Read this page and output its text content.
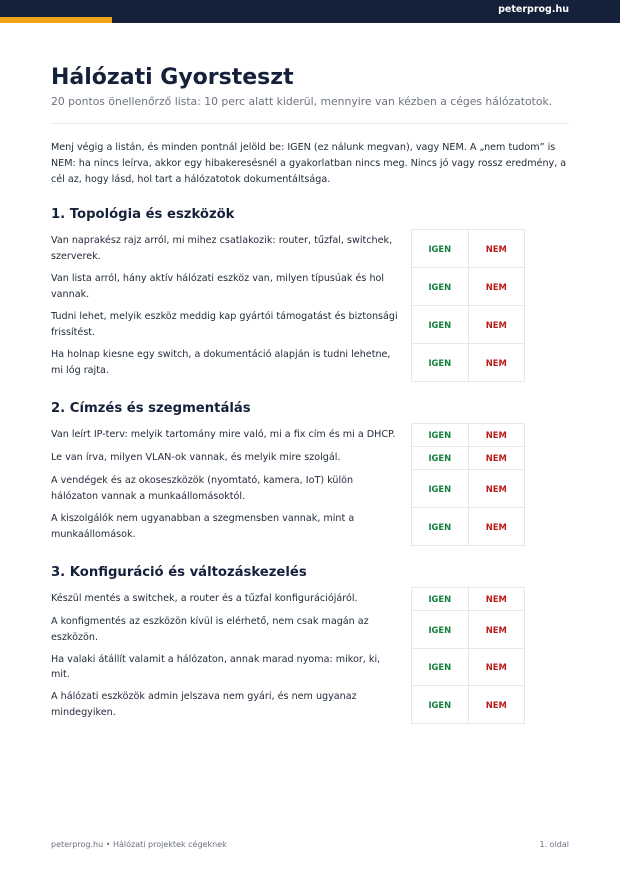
peterprog.hu
Hálózati Gyorsteszt

20 pontos önellenőrző lista: 10 perc alatt kiderül, mennyire van kézben a céges hálózatotok.

Menj végig a listán, és minden pontnál jelöld be: IGEN (ez nálunk megvan), vagy NEM. A „nem tudom” is NEM: ha nincs leírva, akkor egy hibakeresésnél a gyakorlatban nincs meg. Nincs jó vagy rossz eredmény, a cél az, hogy lásd, hol tart a hálózatotok dokumentáltsága.

1. Topológia és eszközök
Van naprakész rajz arról, mi mihez csatlakozik: router, tűzfal, switchek, szerverek.	IGEN	NEM
Van lista arról, hány aktív hálózati eszköz van, milyen típusúak és hol vannak.	IGEN	NEM
Tudni lehet, melyik eszköz meddig kap gyártói támogatást és biztonsági frissítést.	IGEN	NEM
Ha holnap kiesne egy switch, a dokumentáció alapján is tudni lehetne, mi lóg rajta.	IGEN	NEM
2. Címzés és szegmentálás
Van leírt IP-terv: melyik tartomány mire való, mi a fix cím és mi a DHCP.	IGEN	NEM
Le van írva, milyen VLAN-ok vannak, és melyik mire szolgál.	IGEN	NEM
A vendégek és az okoseszközök (nyomtató, kamera, IoT) külön hálózaton vannak a munkaállomásoktól.	IGEN	NEM
A kiszolgálók nem ugyanabban a szegmensben vannak, mint a munkaállomások.	IGEN	NEM
3. Konfiguráció és változáskezelés
Készül mentés a switchek, a router és a tűzfal konfigurációjáról.	IGEN	NEM
A konfigmentés az eszközön kívül is elérhető, nem csak magán az eszközön.	IGEN	NEM
Ha valaki átállít valamit a hálózaton, annak marad nyoma: mikor, ki, mit.	IGEN	NEM
A hálózati eszközök admin jelszava nem gyári, és nem ugyanaz mindegyiken.	IGEN	NEM
peterprog.hu • Hálózati projektek cégeknek	1. oldal
